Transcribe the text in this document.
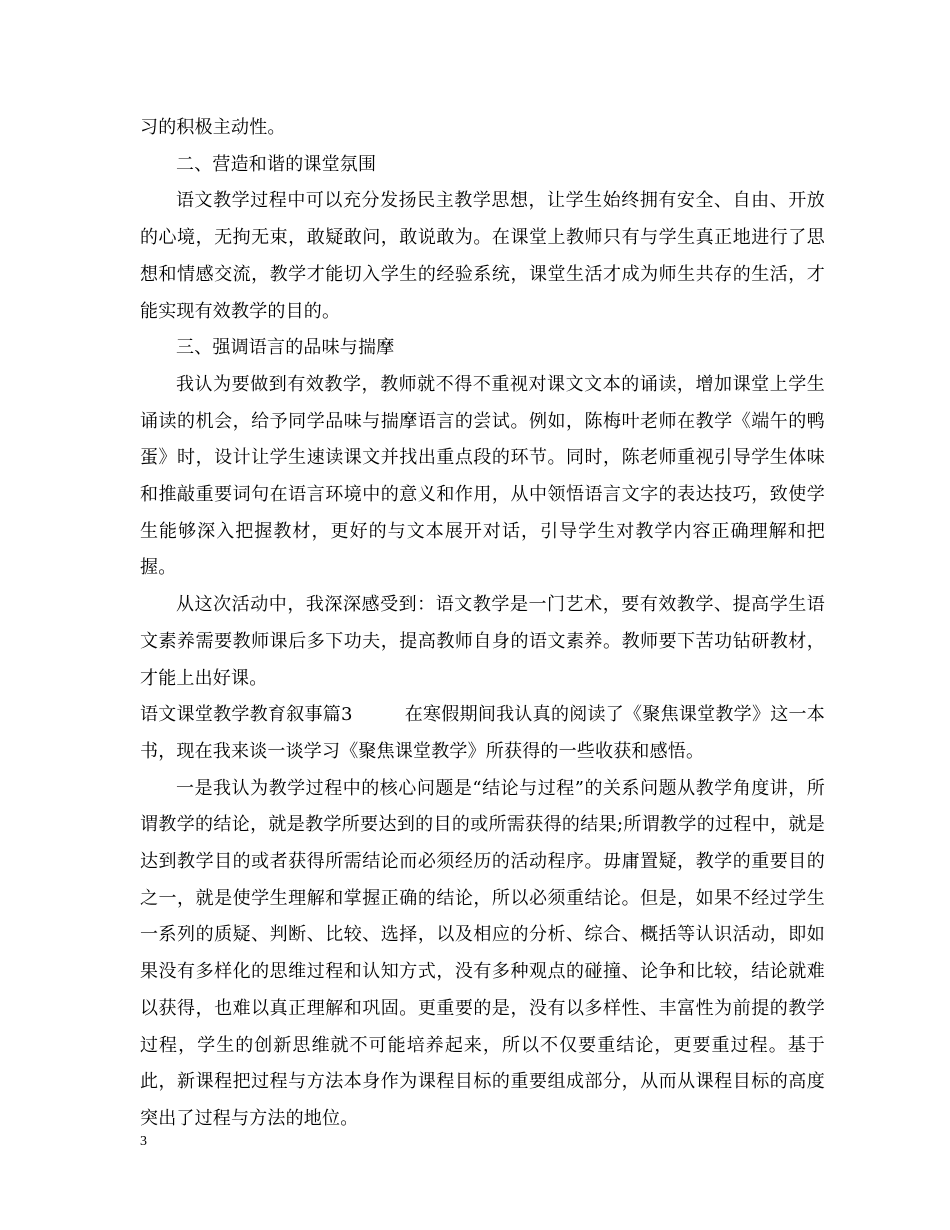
习的积极主动性。

二、营造和谐的课堂氛围

语文教学过程中可以充分发扬民主教学思想，让学生始终拥有安全、自由、开放的心境，无拘无束，敢疑敢问，敢说敢为。在课堂上教师只有与学生真正地进行了思想和情感交流，教学才能切入学生的经验系统，课堂生活才成为师生共存的生活，才能实现有效教学的目的。

三、强调语言的品味与揣摩

我认为要做到有效教学，教师就不得不重视对课文文本的诵读，增加课堂上学生诵读的机会，给予同学品味与揣摩语言的尝试。例如，陈梅叶老师在教学《端午的鸭蛋》时，设计让学生速读课文并找出重点段的环节。同时，陈老师重视引导学生体味和推敲重要词句在语言环境中的意义和作用，从中领悟语言文字的表达技巧，致使学生能够深入把握教材，更好的与文本展开对话，引导学生对教学内容正确理解和把握。

从这次活动中，我深深感受到：语文教学是一门艺术，要有效教学、提高学生语文素养需要教师课后多下功夫，提高教师自身的语文素养。教师要下苦功钻研教材，才能上出好课。

语文课堂教学教育叙事篇3	在寒假期间我认真的阅读了《聚焦课堂教学》这一本书，现在我来谈一谈学习《聚焦课堂教学》所获得的一些收获和感悟。

一是我认为教学过程中的核心问题是“结论与过程”的关系问题从教学角度讲，所谓教学的结论，就是教学所要达到的目的或所需获得的结果;所谓教学的过程中，就是达到教学目的或者获得所需结论而必须经历的活动程序。毋庸置疑，教学的重要目的之一，就是使学生理解和掌握正确的结论，所以必须重结论。但是，如果不经过学生一系列的质疑、判断、比较、选择，以及相应的分析、综合、概括等认识活动，即如果没有多样化的思维过程和认知方式，没有多种观点的碰撞、论争和比较，结论就难以获得，也难以真正理解和巩固。更重要的是，没有以多样性、丰富性为前提的教学过程，学生的创新思维就不可能培养起来，所以不仅要重结论，更要重过程。基于此，新课程把过程与方法本身作为课程目标的重要组成部分，从而从课程目标的高度突出了过程与方法的地位。

3
